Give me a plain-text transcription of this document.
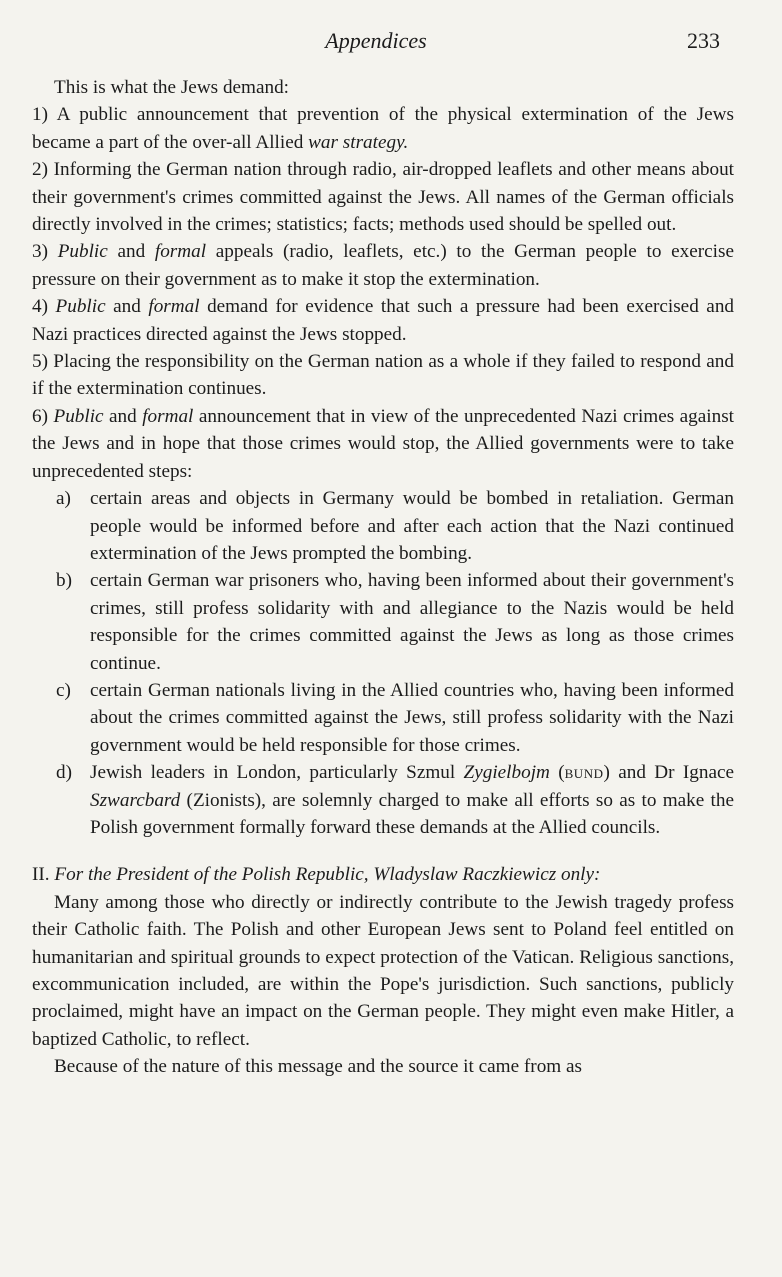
Appendices	233

This is what the Jews demand:

1) A public announcement that prevention of the physical extermination of the Jews became a part of the over-all Allied war strategy.

2) Informing the German nation through radio, air-dropped leaflets and other means about their government's crimes committed against the Jews. All names of the German officials directly involved in the crimes; statistics; facts; methods used should be spelled out.

3) Public and formal appeals (radio, leaflets, etc.) to the German people to exercise pressure on their government as to make it stop the extermination.

4) Public and formal demand for evidence that such a pressure had been exercised and Nazi practices directed against the Jews stopped.

5) Placing the responsibility on the German nation as a whole if they failed to respond and if the extermination continues.

6) Public and formal announcement that in view of the unprecedented Nazi crimes against the Jews and in hope that those crimes would stop, the Allied governments were to take unprecedented steps:

a) certain areas and objects in Germany would be bombed in retaliation. German people would be informed before and after each action that the Nazi continued extermination of the Jews prompted the bombing.

b) certain German war prisoners who, having been informed about their government's crimes, still profess solidarity with and allegiance to the Nazis would be held responsible for the crimes committed against the Jews as long as those crimes continue.

c) certain German nationals living in the Allied countries who, having been informed about the crimes committed against the Jews, still profess solidarity with the Nazi government would be held responsible for those crimes.

d) Jewish leaders in London, particularly Szmul Zygielbojm (bund) and Dr Ignace Szwarcbard (Zionists), are solemnly charged to make all efforts so as to make the Polish government formally forward these demands at the Allied councils.

II. For the President of the Polish Republic, Wladyslaw Raczkiewicz only:

Many among those who directly or indirectly contribute to the Jewish tragedy profess their Catholic faith. The Polish and other European Jews sent to Poland feel entitled on humanitarian and spiritual grounds to expect protection of the Vatican. Religious sanctions, excommunication included, are within the Pope's jurisdiction. Such sanctions, publicly proclaimed, might have an impact on the German people. They might even make Hitler, a baptized Catholic, to reflect.

Because of the nature of this message and the source it came from as
